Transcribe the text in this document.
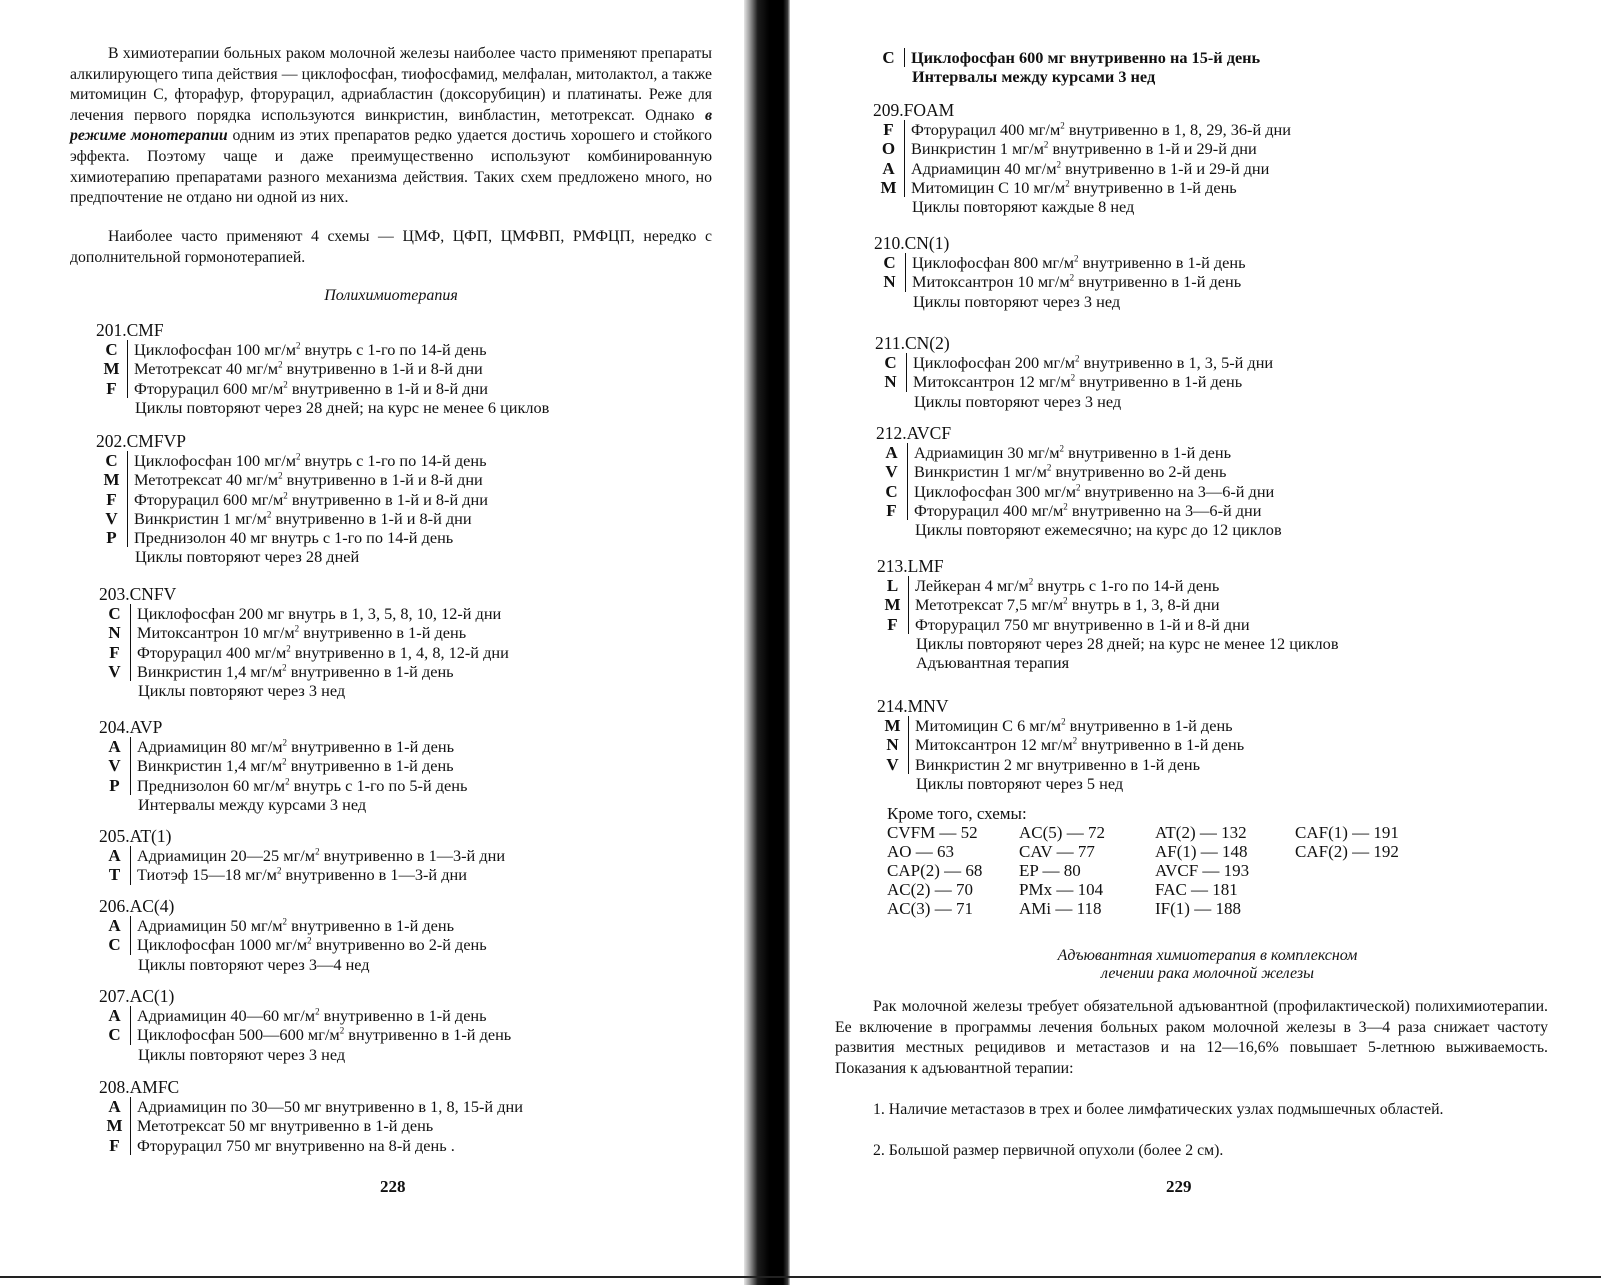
В химиотерапии больных раком молочной железы наиболее часто применяют препараты алкилирующего типа действия — циклофосфан, тиофосфамид, мелфалан, митолактол, а также митомицин С, фторафур, фторурацил, адриабластин (доксорубицин) и платинаты. Реже для лечения первого порядка используются винкристин, винбластин, метотрексат. Однако в режиме монотерапии одним из этих препаратов редко удается достичь хорошего и стойкого эффекта. Поэтому чаще и даже преимущественно используют комбинированную химиотерапию препаратами разного механизма действия. Таких схем предложено много, но предпочтение не отдано ни одной из них.

Наиболее часто применяют 4 схемы — ЦМФ, ЦФП, ЦМФВП, РМФЦП, нередко с дополнительной гормонотерапией.

Полихимиотерапия

201.CMF
C	Циклофосфан 100 $мг/м^2$ внутрь с 1-го по 14-й день
M Метотрексат 40 $мг/м^2$ внутривенно в 1-й и 8-й дни
F	Фторурацил 600 $мг/м^2$ внутривенно в 1-й и 8-й дни
Циклы повторяют через 28 дней; на курс не менее 6 циклов
202.CMFVP
C	Циклофосфан 100 $мг/м^2$ внутрь с 1-го по 14-й день
M Метотрексат 40 $мг/м^2$ внутривенно в 1-й и 8-й дни
F	Фторурацил 600 $мг/м^2$ внутривенно в 1-й и 8-й дни
V	Винкристин 1 $мг/м^2$ внутривенно в 1-й и 8-й дни
P	Преднизолон 40 мг внутрь с 1-го по 14-й день
Циклы повторяют через 28 дней
203.CNFV
C	Циклофосфан 200 мг внутрь в 1, 3, 5, 8, 10, 12-й дни
N	Митоксантрон 10 $мг/м^2$ внутривенно в 1-й день
F	Фторурацил 400 $мг/м^2$ внутривенно в 1, 4, 8, 12-й дни
V	Винкристин 1,4 $мг/м^2$ внутривенно в 1-й день
Циклы повторяют через 3 нед
204.AVP
A	Адриамицин 80 $мг/м^2$ внутривенно в 1-й день
V	Винкристин 1,4 $мг/м^2$ внутривенно в 1-й день
P	Преднизолон 60 $мг/м^2$ внутрь с 1-го по 5-й день
Интервалы между курсами 3 нед
205.AT(1)
A	Адриамицин 20—25 $мг/м^2$ внутривенно в 1—3-й дни
T	Тиотэф 15—18 $мг/м^2$ внутривенно в 1—3-й дни
206.AC(4)
A	Адриамицин 50 $мг/м^2$ внутривенно в 1-й день
C	Циклофосфан 1000 $мг/м^2$ внутривенно во 2-й день
Циклы повторяют через 3—4 нед
207.AC(1)
A	Адриамицин 40—60 $мг/м^2$ внутривенно в 1-й день
C	Циклофосфан 500—600 $мг/м^2$ внутривенно в 1-й день
Циклы повторяют через 3 нед
208.AMFC
A	Адриамицин по 30—50 мг внутривенно в 1, 8, 15-й дни
M Метотрексат 50 мг внутривенно в 1-й день
F	Фторурацил 750 мг внутривенно на 8-й день .
228
C	Циклофосфан 600 мг внутривенно на 15-й день
Интервалы между курсами 3 нед
209.FOAM
F	Фторурацил 400 $мг/м^2$ внутривенно в 1, 8, 29, 36-й дни
O Винкристин 1 $мг/м^2$ внутривенно в 1-й и 29-й дни
A	Адриамицин 40 $мг/м^2$ внутривенно в 1-й и 29-й дни
M Митомицин С 10 $мг/м^2$ внутривенно в 1-й день
Циклы повторяют каждые 8 нед
210.CN(1)
C	Циклофосфан 800 $мг/м^2$ внутривенно в 1-й день
N	Митоксантрон 10 $мг/м^2$ внутривенно в 1-й день
Циклы повторяют через 3 нед
211.CN(2)
C	Циклофосфан 200 $мг/м^2$ внутривенно в 1, 3, 5-й дни
N	Митоксантрон 12 $мг/м^2$ внутривенно в 1-й день
Циклы повторяют через 3 нед
212.AVCF
A	Адриамицин 30 $мг/м^2$ внутривенно в 1-й день
V	Винкристин 1 $мг/м^2$ внутривенно во 2-й день
C	Циклофосфан 300 $мг/м^2$ внутривенно на 3—6-й дни
F	Фторурацил 400 $мг/м^2$ внутривенно на 3—6-й дни
Циклы повторяют ежемесячно; на курс до 12 циклов
213.LMF
L	Лейкеран 4 $мг/м^2$ внутрь с 1-го по 14-й день
M Метотрексат 7,5 $мг/м^2$ внутрь в 1, 3, 8-й дни
F	Фторурацил 750 мг внутривенно в 1-й и 8-й дни
Циклы повторяют через 28 дней; на курс не менее 12 циклов
Адъювантная терапия
214.MNV
M Митомицин С 6 $мг/м^2$ внутривенно в 1-й день
N	Митоксантрон 12 $мг/м^2$ внутривенно в 1-й день
V	Винкристин 2 мг внутривенно в 1-й день
Циклы повторяют через 5 нед
Адъювантная химиотерапия в комплексном
лечении рака молочной железы

Рак молочной железы требует обязательной адъювантной (профилактической) полихимиотерапии. Ее включение в программы лечения больных раком молочной железы в 3—4 раза снижает частоту развития местных рецидивов и метастазов и на 12—16,6% повышает 5-летнюю выживаемость. Показания к адъювантной терапии:

1. Наличие метастазов в трех и более лимфатических узлах подмышечных областей.

2. Большой размер первичной опухоли (более 2 см).

229
Кроме того, схемы:
CVFM — 52	AC(5) — 72	AT(2) — 132	CAF(1) — 191
AO — 63	CAV — 77	AF(1) — 148	CAF(2) — 192
CAP(2) — 68	EP — 80	AVCF — 193
AC(2) — 70	PMx — 104	FAC — 181
AC(3) — 71	AMi — 118	IF(1) — 188
